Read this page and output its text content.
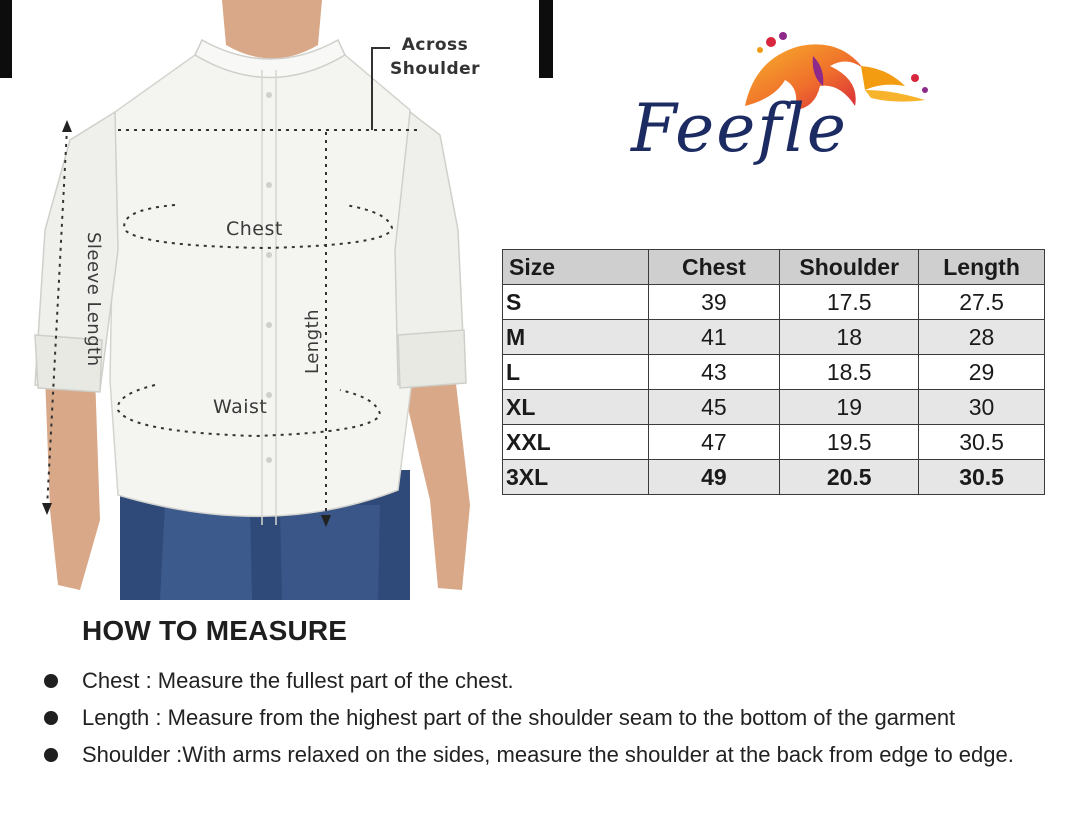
Across
Shoulder
Chest
Waist
Sleeve Length	Length
Feefle
Size	Chest	Shoulder	Length
S	39	17.5	27.5
M	41	18	28
L	43	18.5	29
XL	45	19	30
XXL	47	19.5	30.5
3XL	49	20.5	30.5
HOW TO MEASURE
Chest : Measure the fullest part of the chest.
Length : Measure from the highest part of the shoulder seam to the bottom of the garment
Shoulder :With arms relaxed on the sides, measure the shoulder at the back from edge to edge.
